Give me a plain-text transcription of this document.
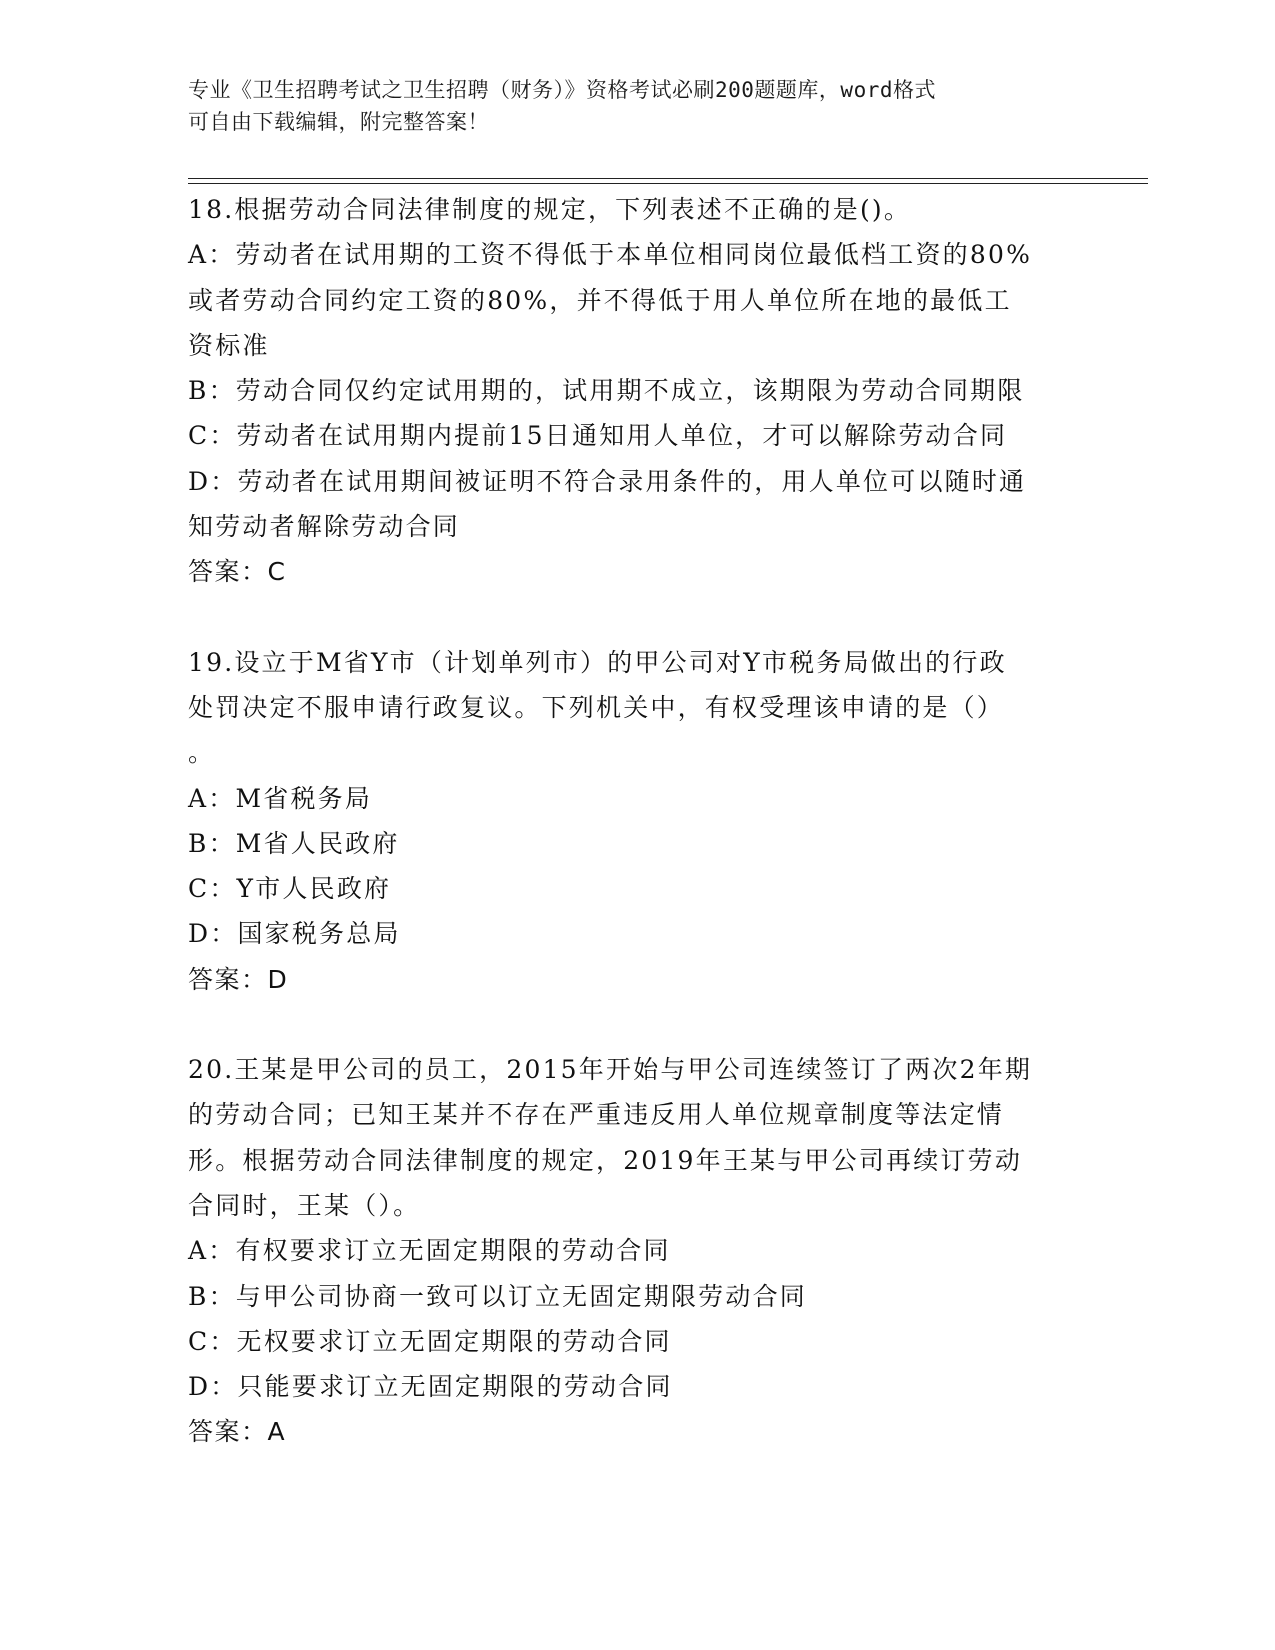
专业《卫生招聘考试之卫生招聘（财务）》资格考试必刷200题题库，word格式
可自由下载编辑，附完整答案！

18.根据劳动合同法律制度的规定，下列表述不正确的是()。

A：劳动者在试用期的工资不得低于本单位相同岗位最低档工资的80%

或者劳动合同约定工资的80%，并不得低于用人单位所在地的最低工

资标准

B：劳动合同仅约定试用期的，试用期不成立，该期限为劳动合同期限

C：劳动者在试用期内提前15日通知用人单位，才可以解除劳动合同

D：劳动者在试用期间被证明不符合录用条件的，用人单位可以随时通

知劳动者解除劳动合同

答案：C

19.设立于M省Y市（计划单列市）的甲公司对Y市税务局做出的行政

处罚决定不服申请行政复议。下列机关中，有权受理该申请的是（）

。

A：M省税务局

B：M省人民政府

C：Y市人民政府

D：国家税务总局

答案：D

20.王某是甲公司的员工，2015年开始与甲公司连续签订了两次2年期

的劳动合同；已知王某并不存在严重违反用人单位规章制度等法定情

形。根据劳动合同法律制度的规定，2019年王某与甲公司再续订劳动

合同时，王某（）。

A：有权要求订立无固定期限的劳动合同

B：与甲公司协商一致可以订立无固定期限劳动合同

C：无权要求订立无固定期限的劳动合同

D：只能要求订立无固定期限的劳动合同

答案：A
